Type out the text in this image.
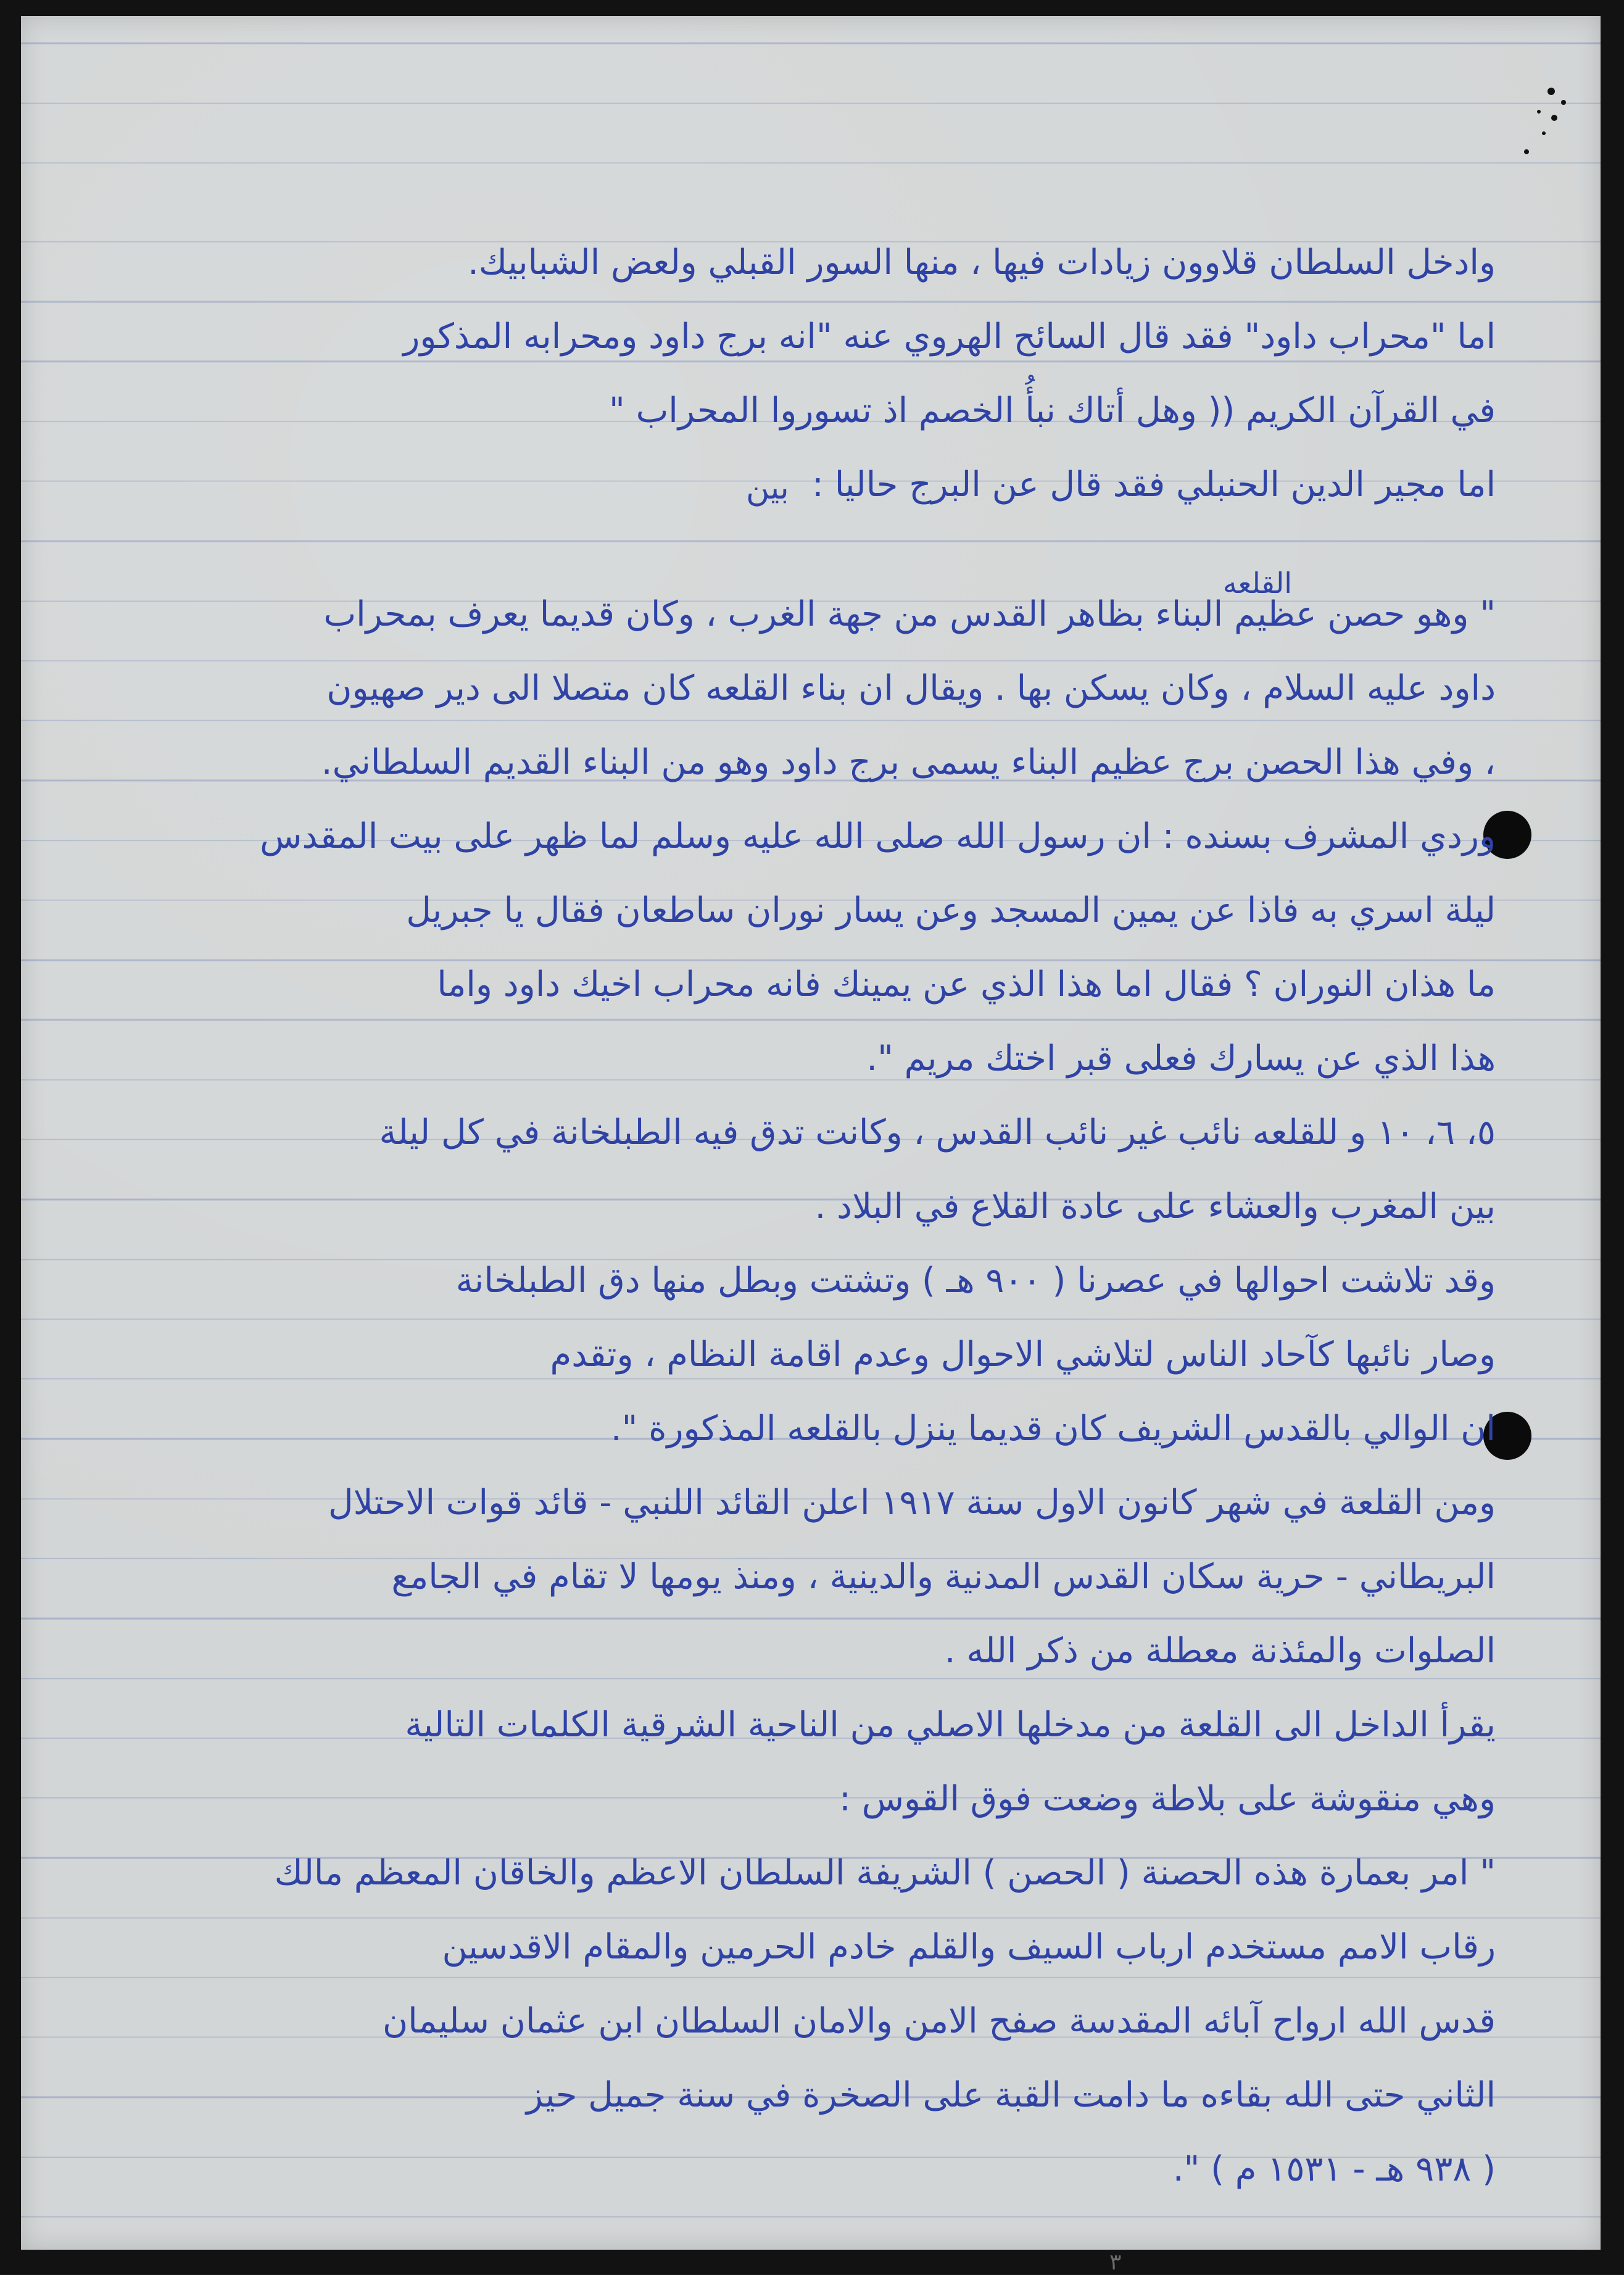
وادخل السلطان قلاوون زيادات فيها ، منها السور القبلي ولعض الشبابيك.
اما "محراب داود" فقد قال السائح الهروي عنه "انه برج داود ومحرابه المذكور
في القرآن الكريم (( وهل أتاك نبأُ الخصم اذ تسوروا المحراب "
اما مجير الدين الحنبلي فقد قال عن البرج حاليا :
$_{القلعه}$
" وهو حصن عظيم البناء بظاهر القدس من جهة الغرب ، وكان قديما يعرف بمحراب
داود عليه السلام ، وكان يسكن بها . ويقال ان بناء القلعه كان متصلا الى دير صهيون
، وفي هذا الحصن برج عظيم البناء يسمى برج داود وهو من البناء القديم السلطاني.
وردي المشرف بسنده : ان رسول الله صلى الله عليه وسلم لما ظهر على بيت المقدس
ليلة اسري به فاذا عن يمين المسجد وعن يسار نوران ساطعان فقال يا جبريل
ما هذان النوران ؟ فقال اما هذا الذي عن يمينك فانه محراب اخيك داود واما
هذا الذي عن يسارك فعلى قبر اختك مريم ".
٥، ٦، ١٠ و للقلعه نائب غير نائب القدس ، وكانت تدق فيه الطبلخانة في كل ليلة
بين المغرب والعشاء على عادة القلاع في البلاد .
وقد تلاشت احوالها في عصرنا ( ٩٠٠ هـ ) وتشتت وبطل منها دق الطبلخانة
وصار نائبها كآحاد الناس لتلاشي الاحوال وعدم اقامة النظام ، وتقدم
ان الوالي بالقدس الشريف كان قديما ينزل بالقلعه المذكورة ".
ومن القلعة في شهر كانون الاول سنة ١٩١٧ اعلن القائد اللنبي - قائد قوات الاحتلال
البريطاني - حرية سكان القدس المدنية والدينية ، ومنذ يومها لا تقام في الجامع
الصلوات والمئذنة معطلة من ذكر الله .
يقرأ الداخل الى القلعة من مدخلها الاصلي من الناحية الشرقية الكلمات التالية
وهي منقوشة على بلاطة وضعت فوق القوس :
" امر بعمارة هذه الحصنة ( الحصن ) الشريفة السلطان الاعظم والخاقان المعظم مالك
رقاب الامم مستخدم ارباب السيف والقلم خادم الحرمين والمقام الاقدسين
قدس الله ارواح آبائه المقدسة صفح الامن والامان السلطان ابن عثمان سليمان
الثاني حتى الله بقاءه ما دامت القبة على الصخرة في سنة جميل حيز
( ٩٣٨ هـ - ١٥٣١ م ) ".
بين
٣
